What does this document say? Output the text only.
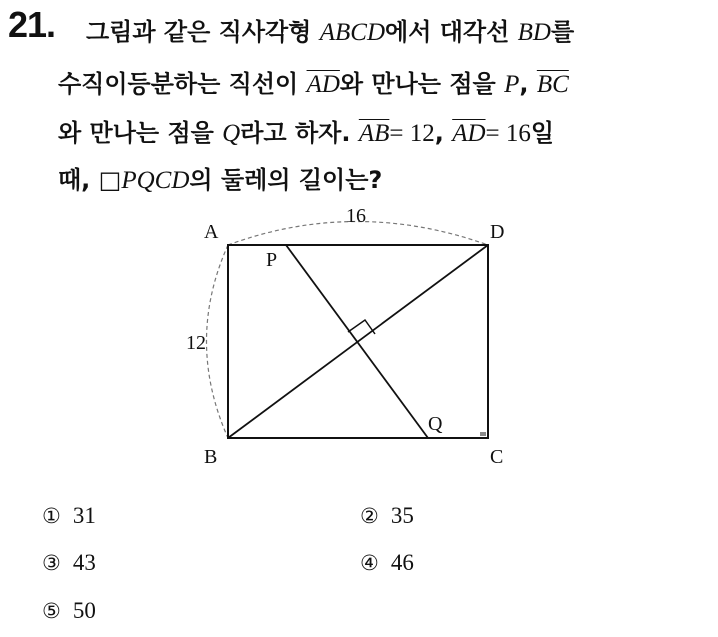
21. 그림과 같은 직사각형 ABCD에서 대각선 BD를
수직이등분하는 직선이 $\overline{AD}$와 만나는 점을 P, $\overline{BC}$
와 만나는 점을 Q라고 하자. $\overline{AB}= 12$, $\overline{AD}= 16$일
때, □PQCD의 둘레의 길이는?
A	D
B	C
P
Q
16
12
① 31	② 35
③ 43	④ 46
⑤ 50
